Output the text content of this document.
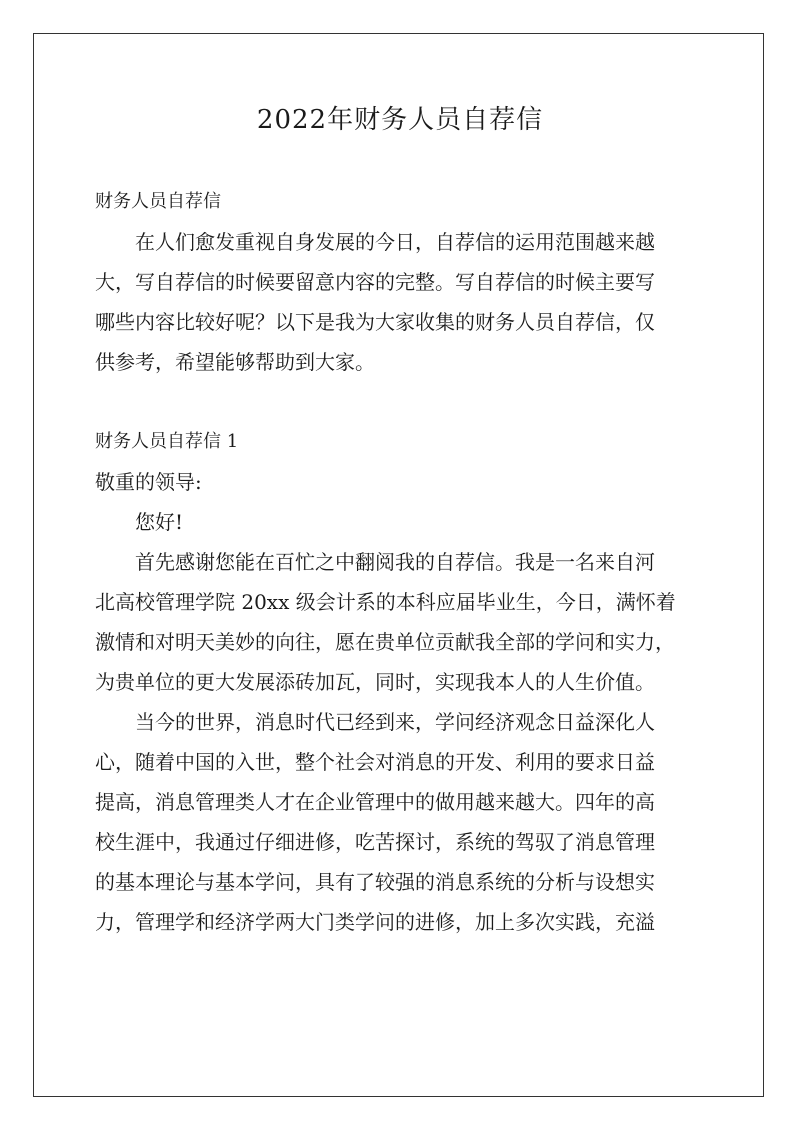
2022年财务人员自荐信
财务人员自荐信
　　在人们愈发重视自身发展的今日，自荐信的运用范围越来越
大，写自荐信的时候要留意内容的完整。写自荐信的时候主要写
哪些内容比较好呢？以下是我为大家收集的财务人员自荐信，仅
供参考，希望能够帮助到大家。
财务人员自荐信 1
敬重的领导:
　　您好!
　　首先感谢您能在百忙之中翻阅我的自荐信。我是一名来自河
北高校管理学院 20xx 级会计系的本科应届毕业生，今日，满怀着
激情和对明天美妙的向往，愿在贵单位贡献我全部的学问和实力，
为贵单位的更大发展添砖加瓦，同时，实现我本人的人生价值。
　　当今的世界，消息时代已经到来，学问经济观念日益深化人
心，随着中国的入世，整个社会对消息的开发、利用的要求日益
提高，消息管理类人才在企业管理中的做用越来越大。四年的高
校生涯中，我通过仔细进修，吃苦探讨，系统的驾驭了消息管理
的基本理论与基本学问，具有了较强的消息系统的分析与设想实
力，管理学和经济学两大门类学问的进修，加上多次实践，充溢
